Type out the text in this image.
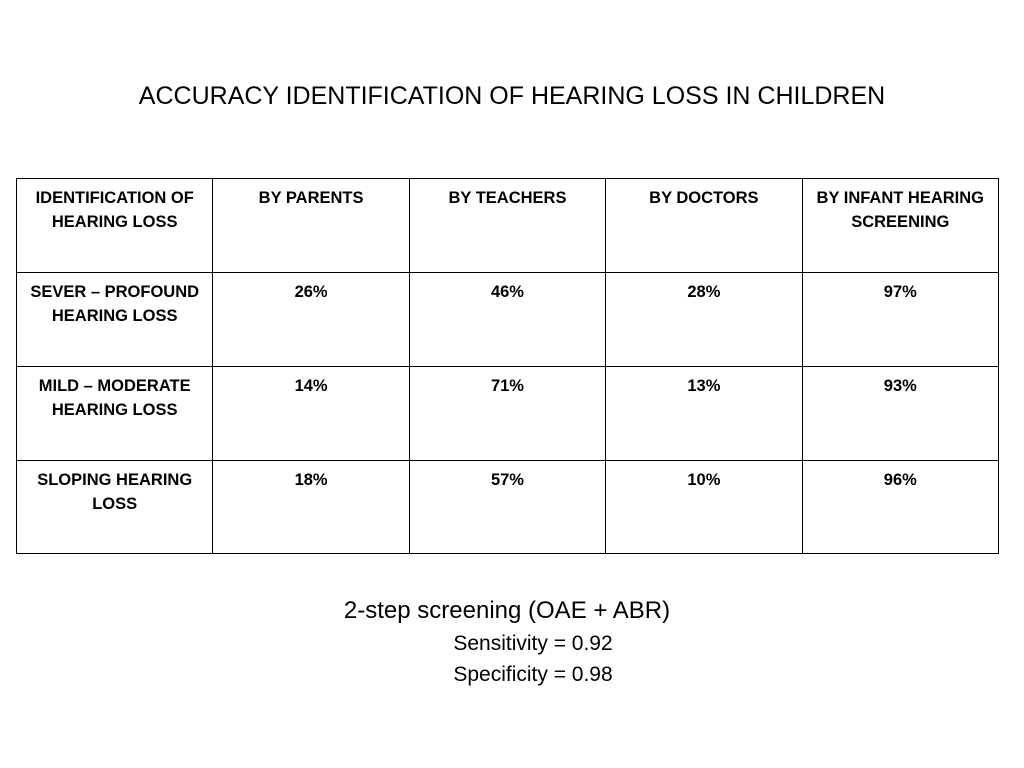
ACCURACY IDENTIFICATION OF HEARING LOSS IN CHILDREN
IDENTIFICATION OF HEARING LOSS	BY PARENTS	BY TEACHERS	BY DOCTORS	BY INFANT HEARING SCREENING
SEVER – PROFOUND HEARING LOSS	26%	46%	28%	97%
MILD – MODERATE HEARING LOSS	14%	71%	13%	93%
SLOPING HEARING LOSS	18%	57%	10%	96%
2-step screening (OAE + ABR)
Sensitivity = 0.92
Specificity = 0.98
